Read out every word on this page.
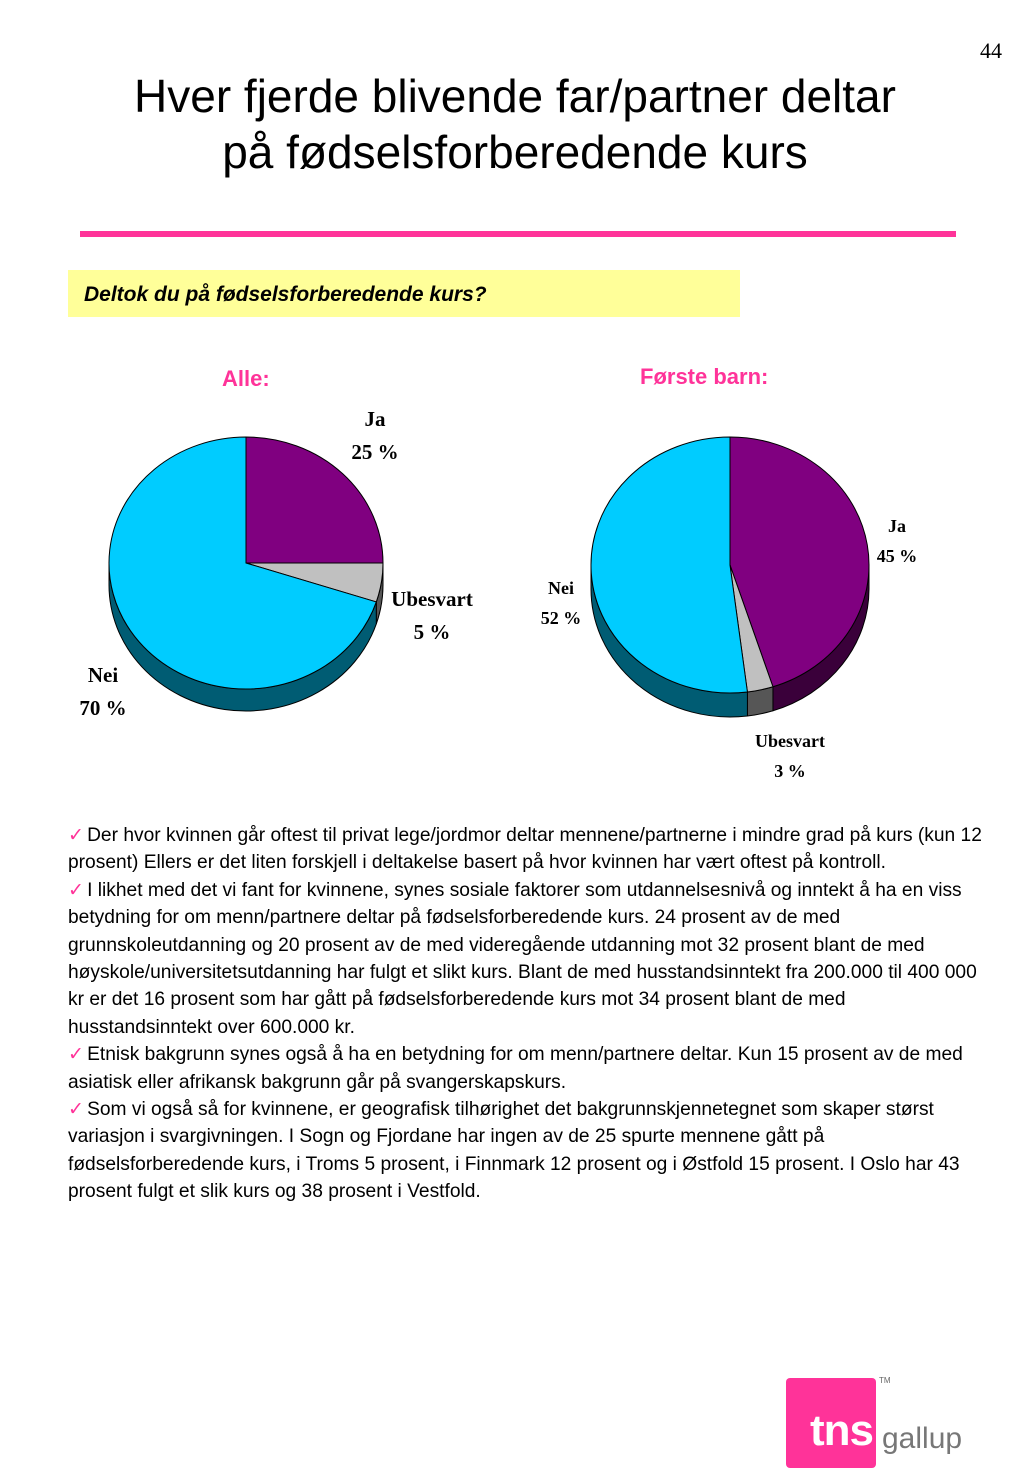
44
Hver fjerde blivende far/partner deltar
på fødselsforberedende kurs
Deltok du på fødselsforberedende kurs?
Alle:	Første barn:
Ja
25 %
Ubesvart
5 %
Nei
70 %
Ja
45 %
Ubesvart
3 %
Nei
52 %

✓ Der hvor kvinnen går oftest til privat lege/jordmor deltar mennene/partnerne i mindre grad på kurs (kun 12 prosent) Ellers er det liten forskjell i deltakelse basert på hvor kvinnen har vært oftest på kontroll.

✓ I likhet med det vi fant for kvinnene, synes sosiale faktorer som utdannelsesnivå og inntekt å ha en viss betydning for om menn/partnere deltar på fødselsforberedende kurs. 24 prosent av de med grunnskoleutdanning og 20 prosent av de med videregående utdanning mot 32 prosent blant de med høyskole/universitetsutdanning har fulgt et slikt kurs. Blant de med husstandsinntekt fra 200.000 til 400 000 kr er det 16 prosent som har gått på fødselsforberedende kurs mot 34 prosent blant de med husstandsinntekt over 600.000 kr.

✓ Etnisk bakgrunn synes også å ha en betydning for om menn/partnere deltar. Kun 15 prosent av de med asiatisk eller afrikansk bakgrunn går på svangerskapskurs.

✓ Som vi også så for kvinnene, er geografisk tilhørighet det bakgrunnskjennetegnet som skaper størst variasjon i svargivningen. I Sogn og Fjordane har ingen av de 25 spurte mennene gått på fødselsforberedende kurs, i Troms 5 prosent, i Finnmark 12 prosent og i Østfold 15 prosent. I Oslo har 43 prosent fulgt et slik kurs og 38 prosent i Vestfold.

tns gallup
TM
